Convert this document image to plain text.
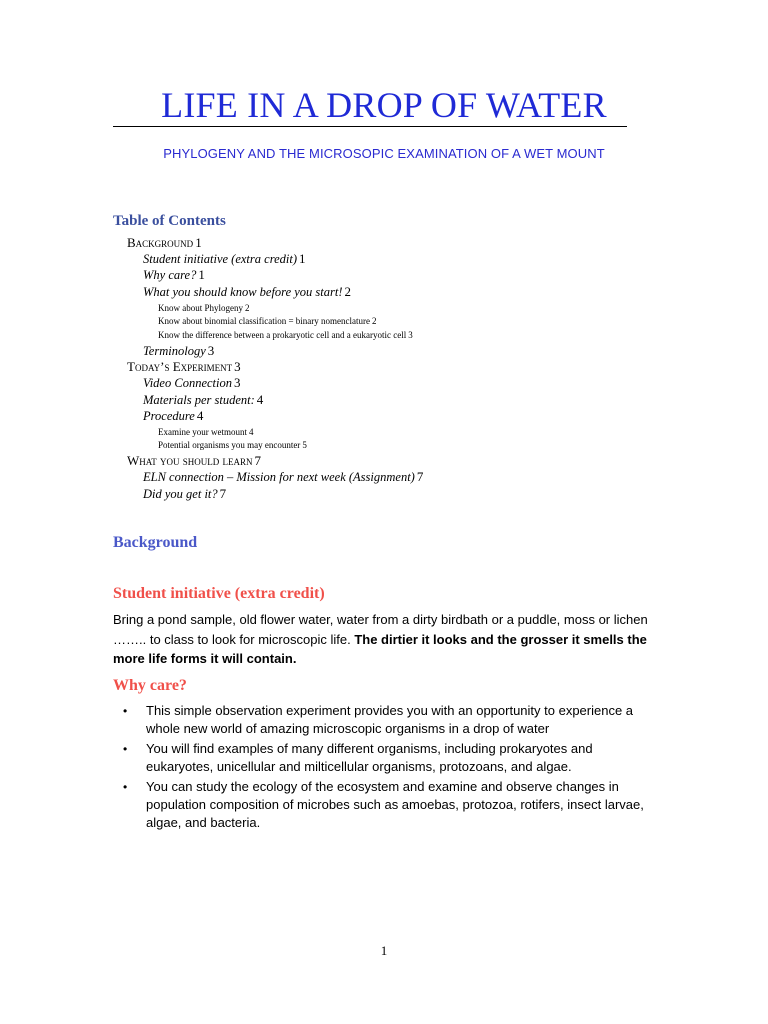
LIFE IN A DROP OF WATER
PHYLOGENY AND THE MICROSOPIC EXAMINATION OF A WET MOUNT
Table of Contents
Background 1
Student initiative (extra credit) 1
Why care? 1
What you should know before you start! 2
Know about Phylogeny 2
Know about binomial classification = binary nomenclature 2
Know the difference between a prokaryotic cell and a eukaryotic cell 3
Terminology 3
Today’s Experiment 3
Video Connection 3
Materials per student: 4
Procedure 4
Examine your wetmount 4
Potential organisms you may encounter 5
What you should learn 7
ELN connection – Mission for next week (Assignment) 7
Did you get it? 7
Background
Student initiative (extra credit)
Bring a pond sample, old flower water, water from a dirty birdbath or a puddle, moss or lichen …….. to class to look for microscopic life. The dirtier it looks and the grosser it smells the more life forms it will contain.
Why care?
• This simple observation experiment provides you with an opportunity to experience a whole new world of amazing microscopic organisms in a drop of water
• You will find examples of many different organisms, including prokaryotes and eukaryotes, unicellular and milticellular organisms, protozoans, and algae.
• You can study the ecology of the ecosystem and examine and observe changes in population composition of microbes such as amoebas, protozoa, rotifers, insect larvae, algae, and bacteria.
1
